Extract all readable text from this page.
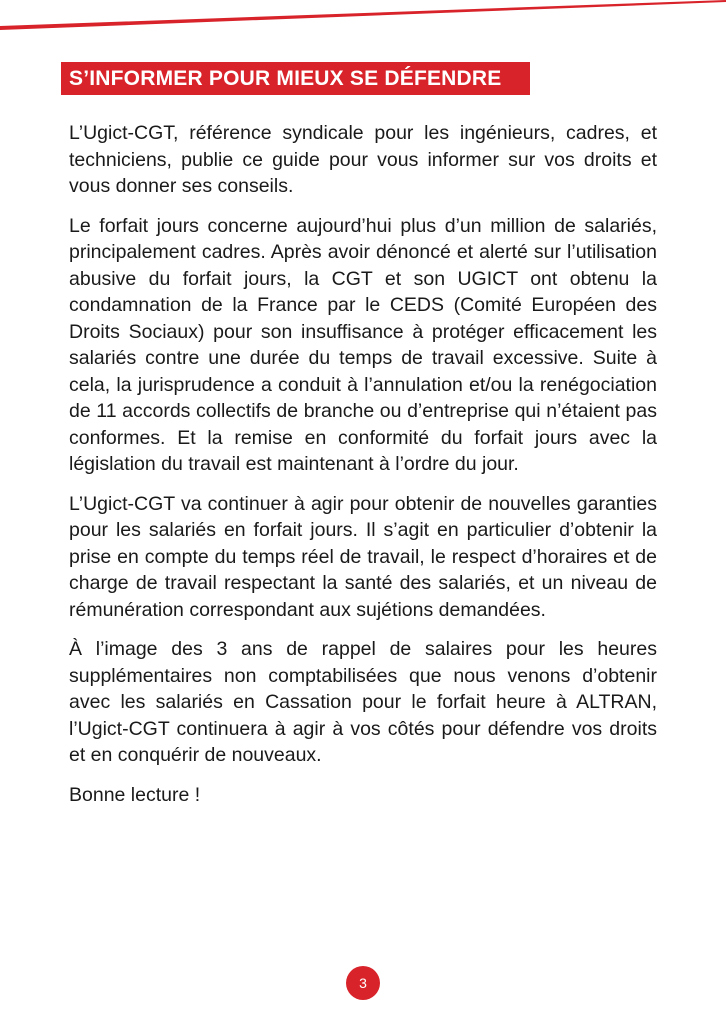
S’INFORMER POUR MIEUX SE DÉFENDRE

L’Ugict-CGT, référence syndicale pour les ingénieurs, cadres, et techniciens, publie ce guide pour vous informer sur vos droits et vous donner ses conseils.

Le forfait jours concerne aujourd’hui plus d’un million de salariés, principalement cadres. Après avoir dénoncé et alerté sur l’utilisation abusive du forfait jours, la CGT et son UGICT ont obtenu la condamnation de la France par le CEDS (Comité Européen des Droits Sociaux) pour son insuffisance à protéger efficacement les salariés contre une durée du temps de travail excessive. Suite à cela, la jurisprudence a conduit à l’annulation et/ou la renégociation de 11 accords collectifs de branche ou d’entreprise qui n’étaient pas conformes. Et la remise en conformité du forfait jours avec la législation du travail est maintenant à l’ordre du jour.

L’Ugict-CGT va continuer à agir pour obtenir de nouvelles garanties pour les salariés en forfait jours. Il s’agit en particulier d’obtenir la prise en compte du temps réel de travail, le respect d’horaires et de charge de travail respectant la santé des salariés, et un niveau de rémunération correspondant aux sujétions demandées.

À l’image des 3 ans de rappel de salaires pour les heures supplémentaires non comptabilisées que nous venons d’obtenir avec les salariés en Cassation pour le forfait heure à ALTRAN, l’Ugict-CGT continuera à agir à vos côtés pour défendre vos droits et en conquérir de nouveaux.

Bonne lecture !

3
